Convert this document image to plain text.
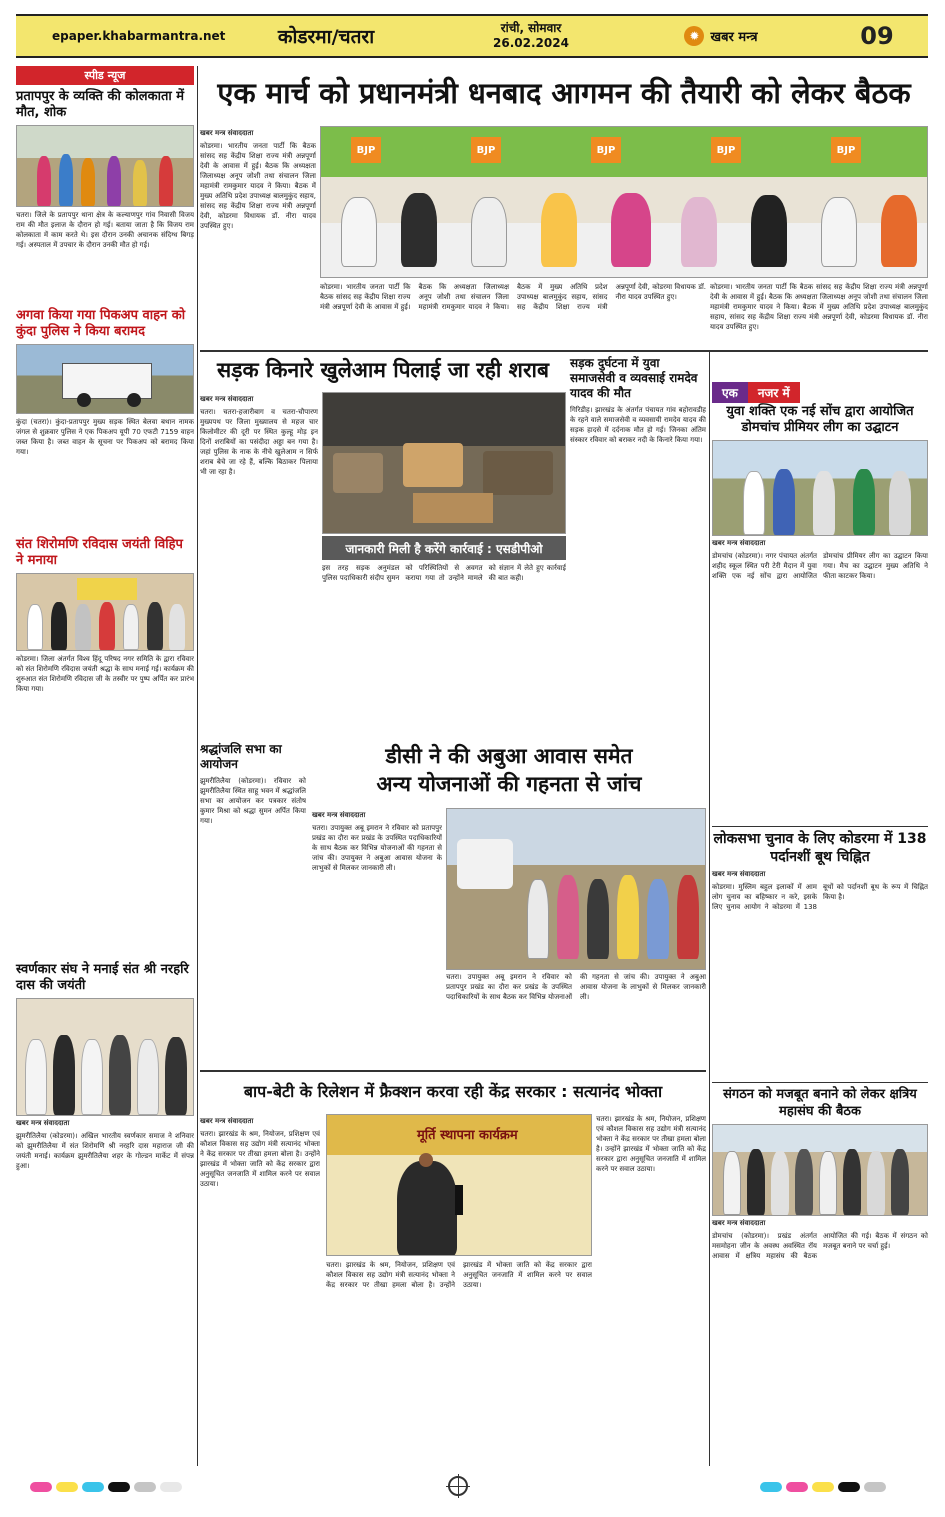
epaper.khabarmantra.net	कोडरमा/चतरा	रांची, सोमवार
26.02.2024	✹ खबर मन्त्र	09
स्पीड न्यूज
प्रतापपुर के व्यक्ति की कोलकाता में मौत, शोक
चतरा। जिले के प्रतापपुर थाना क्षेत्र के कल्याणपुर गांव निवासी विजय राम की मौत इलाज के दौरान हो गई। बताया जाता है कि विजय राम कोलकाता में काम करते थे। इस दौरान उनकी अचानक संदिग्ध बिगड़ गई। अस्पताल में उपचार के दौरान उनकी मौत हो गई।
अगवा किया गया पिकअप वाहन को कुंदा पुलिस ने किया बरामद
कुंदा (चतरा)। कुंदा-प्रतापपुर मुख्य सड़क स्थित बेलवा बथान नामक जंगल से शुक्रवार पुलिस ने एक पिकअप यूपी 70 एफटी 7159 वाहन जब्त किया है। जब्त वाहन के सूचना पर पिकअप को बरामद किया गया।
संत शिरोमणि रविदास जयंती विहिप ने मनाया
कोडरमा। जिला अंतर्गत विश्व हिंदू परिषद नगर समिति के द्वारा रविवार को संत शिरोमणि रविदास जयंती श्रद्धा के साथ मनाई गई। कार्यक्रम की शुरुआत संत शिरोमणि रविदास जी के तस्वीर पर पुष्प अर्पित कर प्रारंभ किया गया।
स्वर्णकार संघ ने मनाई संत श्री नरहरि दास की जयंती
खबर मन्त्र संवाददाता
झुमरीतिलैया (कोडरमा)। अखिल भारतीय स्वर्णकार समाज ने शनिवार को झुमरीतिलैया में संत शिरोमणि श्री नरहरि दास महाराज जी की जयंती मनाई। कार्यक्रम झुमरीतिलैया शहर के गोल्डन मार्केट में संपन्न हुआ।
एक मार्च को प्रधानमंत्री धनबाद आगमन की तैयारी को लेकर बैठक
खबर मन्त्र संवाददाता
कोडरमा। भारतीय जनता पार्टी कि बैठक सांसद सह केंद्रीय शिक्षा राज्य मंत्री अन्नपूर्णा देवी के आवास में हुई। बैठक कि अध्यक्षता जिलाध्यक्ष अनूप जोशी तथा संचालन जिला महामंत्री रामकुमार यादव ने किया। बैठक में मुख्य अतिथि प्रदेश उपाध्यक्ष बालमुकुंद सहाय, सांसद सह केंद्रीय शिक्षा राज्य मंत्री अन्नपूर्णा देवी, कोडरमा विधायक डॉ. नीरा यादव उपस्थित हुए।
BJP	BJP	BJP	BJP	BJP
कोडरमा। भारतीय जनता पार्टी कि बैठक सांसद सह केंद्रीय शिक्षा राज्य मंत्री अन्नपूर्णा देवी के आवास में हुई। बैठक कि अध्यक्षता जिलाध्यक्ष अनूप जोशी तथा संचालन जिला महामंत्री रामकुमार यादव ने किया। बैठक में मुख्य अतिथि प्रदेश उपाध्यक्ष बालमुकुंद सहाय, सांसद सह केंद्रीय शिक्षा राज्य मंत्री अन्नपूर्णा देवी, कोडरमा विधायक डॉ. नीरा यादव उपस्थित हुए।
कोडरमा। भारतीय जनता पार्टी कि बैठक सांसद सह केंद्रीय शिक्षा राज्य मंत्री अन्नपूर्णा देवी के आवास में हुई। बैठक कि अध्यक्षता जिलाध्यक्ष अनूप जोशी तथा संचालन जिला महामंत्री रामकुमार यादव ने किया। बैठक में मुख्य अतिथि प्रदेश उपाध्यक्ष बालमुकुंद सहाय, सांसद सह केंद्रीय शिक्षा राज्य मंत्री अन्नपूर्णा देवी, कोडरमा विधायक डॉ. नीरा यादव उपस्थित हुए।
सड़क किनारे खुलेआम पिलाई जा रही शराब
खबर मन्त्र संवाददाता
चतरा। चतरा-हजारीबाग व चतरा-चौपारण मुख्यपथ पर जिला मुख्यालय से महज चार किलोमीटर की दूरी पर स्थित कुल्हू मोड़ इन दिनों शराबियों का पसंदीदा अड्डा बन गया है। जहां पुलिस के नाक के नीचे खुलेआम न सिर्फ शराब बेचे जा रहे हैं, बल्कि बिठाकर पिलाया भी जा रहा है।
जानकारी मिली है करेंगे कार्रवाई : एसडीपीओ
इस तरह सड़क अनुमंडल पुलिस पदाधिकारी संदीप सुमन को परिस्थितियों से अवगत कराया गया तो उन्होंने मामले को संज्ञान में लेते हुए कार्रवाई की बात कही।
सड़क दुर्घटना में युवा समाजसेवी व व्यवसाई रामदेव यादव की मौत
गिरिडीह। झारखंड के अंतर्गत पंचायत गांव बहोरावडीह के रहने वाले समाजसेवी व व्यवसायी रामदेव यादव की सड़क हादसे में दर्दनाक मौत हो गई। जिनका अंतिम संस्कार रविवार को बराकर नदी के किनारे किया गया।
श्रद्धांजलि सभा का आयोजन
झुमरीतिलैया (कोडरमा)। रविवार को झुमरीतिलैया स्थित साहू भवन में श्रद्धांजलि सभा का आयोजन कर पत्रकार संतोष कुमार मिश्रा को श्रद्धा सुमन अर्पित किया गया।
डीसी ने की अबुआ आवास समेत
अन्य योजनाओं की गहनता से जांच
खबर मन्त्र संवाददाता
चतरा। उपायुक्त अबू इमरान ने रविवार को प्रतापपुर प्रखंड का दौरा कर प्रखंड के उपस्थित पदाधिकारियों के साथ बैठक कर विभिन्न योजनाओं की गहनता से जांच की। उपायुक्त ने अबुआ आवास योजना के लाभुकों से मिलकर जानकारी ली।
चतरा। उपायुक्त अबू इमरान ने रविवार को प्रतापपुर प्रखंड का दौरा कर प्रखंड के उपस्थित पदाधिकारियों के साथ बैठक कर विभिन्न योजनाओं की गहनता से जांच की। उपायुक्त ने अबुआ आवास योजना के लाभुकों से मिलकर जानकारी ली।
बाप-बेटी के रिलेशन में फ्रैक्शन करवा रही केंद्र सरकार : सत्यानंद भोक्ता
खबर मन्त्र संवाददाता
चतरा। झारखंड के श्रम, नियोजन, प्रशिक्षण एवं कौशल विकास सह उद्योग मंत्री सत्यानंद भोक्ता ने केंद्र सरकार पर तीखा हमला बोला है। उन्होंने झारखंड में भोक्ता जाति को केंद्र सरकार द्वारा अनुसूचित जनजाति में शामिल करने पर सवाल उठाया।
मूर्ति स्थापना कार्यक्रम
चतरा। झारखंड के श्रम, नियोजन, प्रशिक्षण एवं कौशल विकास सह उद्योग मंत्री सत्यानंद भोक्ता ने केंद्र सरकार पर तीखा हमला बोला है। उन्होंने झारखंड में भोक्ता जाति को केंद्र सरकार द्वारा अनुसूचित जनजाति में शामिल करने पर सवाल उठाया।
चतरा। झारखंड के श्रम, नियोजन, प्रशिक्षण एवं कौशल विकास सह उद्योग मंत्री सत्यानंद भोक्ता ने केंद्र सरकार पर तीखा हमला बोला है। उन्होंने झारखंड में भोक्ता जाति को केंद्र सरकार द्वारा अनुसूचित जनजाति में शामिल करने पर सवाल उठाया।
एक	नजर में
युवा शक्ति एक नई सोंच द्वारा आयोजित डोमचांच प्रीमियर लीग का उद्घाटन
खबर मन्त्र संवाददाता
डोमचांच (कोडरमा)। नगर पंचायत अंतर्गत शहीद स्कूल स्थित परी टेरी मैदान में युवा शक्ति एक नई सोंच द्वारा आयोजित डोमचांच प्रीमियर लीग का उद्घाटन किया गया। मैच का उद्घाटन मुख्य अतिथि ने फीता काटकर किया।
लोकसभा चुनाव के लिए कोडरमा में 138 पर्दानशीं बूथ चिह्नित
खबर मन्त्र संवाददाता
कोडरमा। मुस्लिम बहुल इलाकों में आम लोग चुनाव का बहिष्कार न करे, इसके लिए चुनाव आयोग ने कोडरमा में 138 बूथों को पर्दानशीं बूथ के रूप में चिह्नित किया है।
संगठन को मजबूत बनाने को लेकर क्षत्रिय महासंघ की बैठक
खबर मन्त्र संवाददाता
डोमचांच (कोडरमा)। प्रखंड अंतर्गत मसमोहना जीन के अवस्थ अवस्थित रॉय आवास में क्षत्रिय महासंघ की बैठक आयोजित की गई। बैठक में संगठन को मजबूत बनाने पर चर्चा हुई।
